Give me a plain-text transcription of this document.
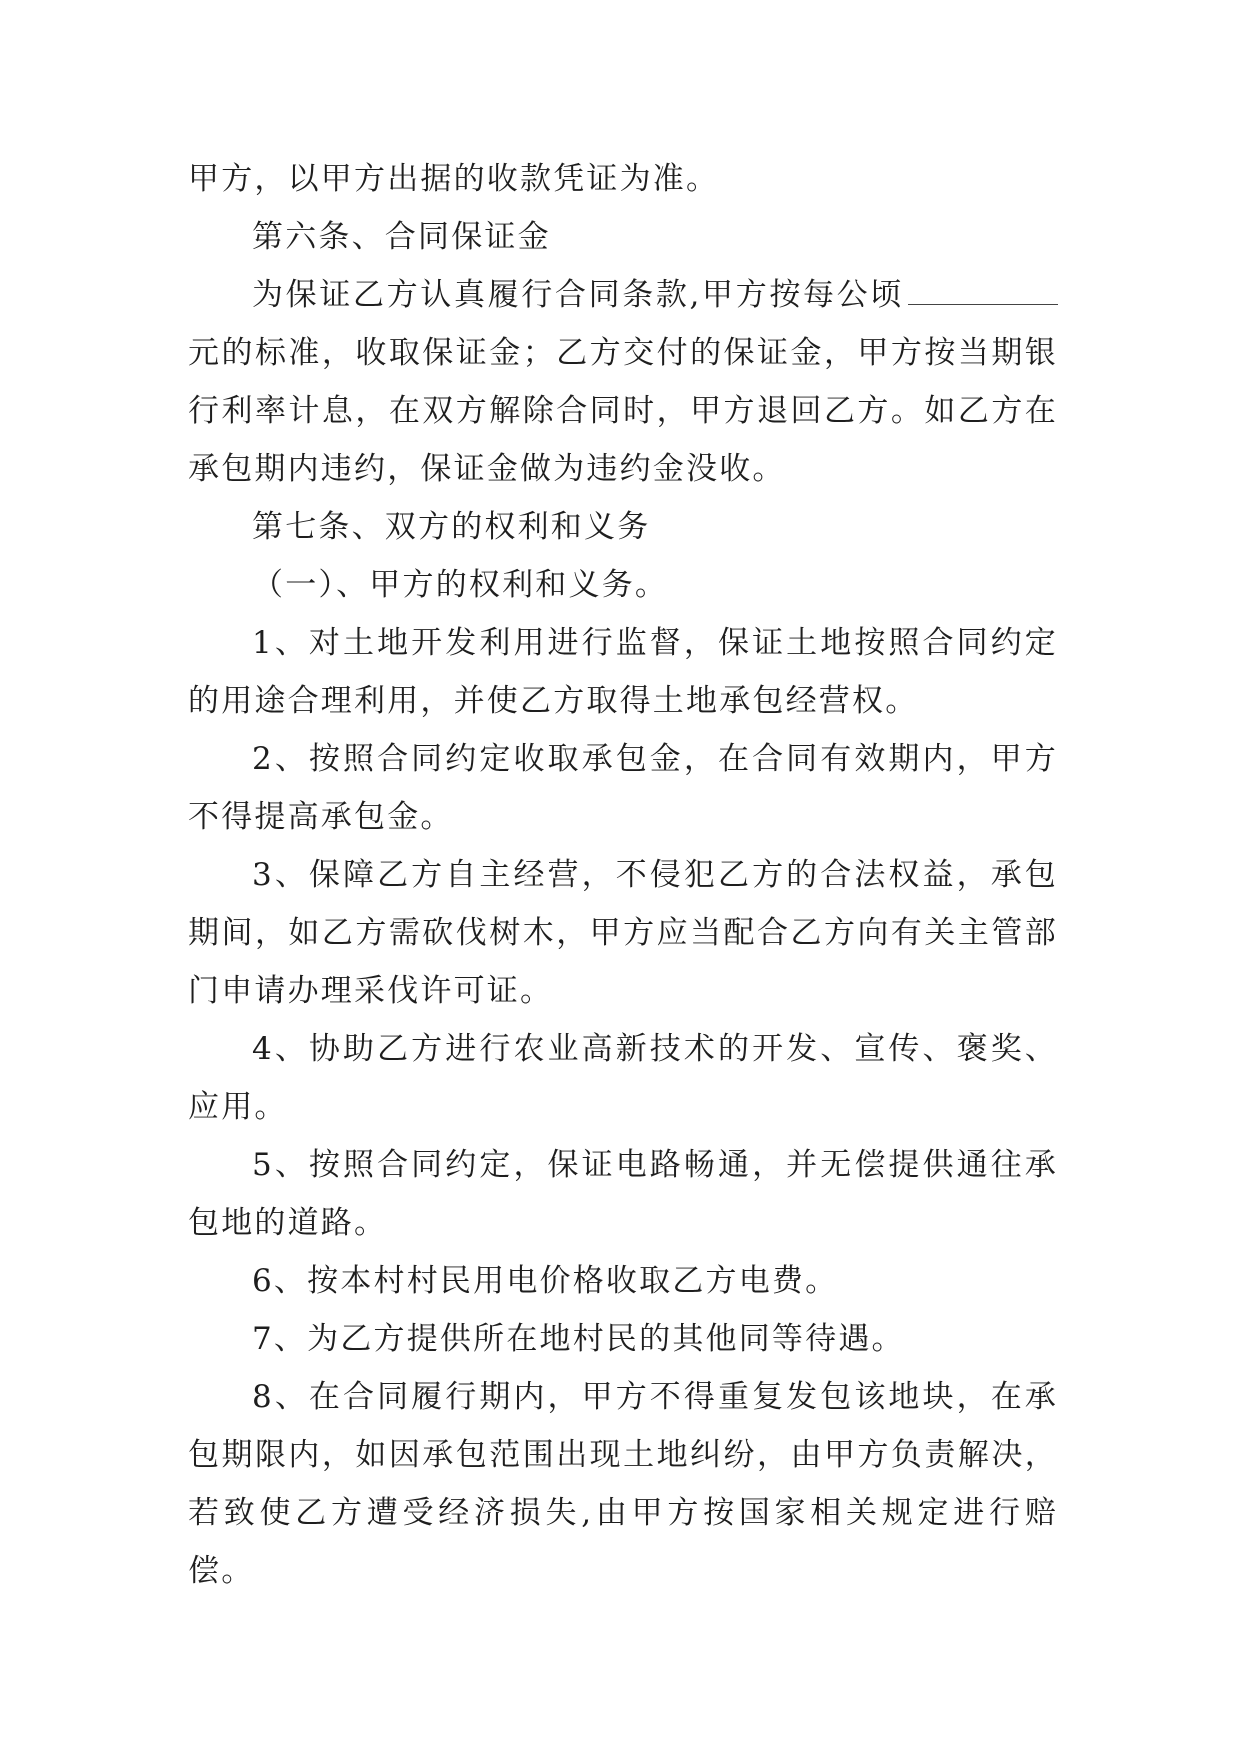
甲方，以甲方出据的收款凭证为准。

第六条、合同保证金

为保证乙方认真履行合同条款,甲方按每公顷元的标准，收取保证金；乙方交付的保证金，甲方按当期银行利率计息，在双方解除合同时，甲方退回乙方。如乙方在承包期内违约，保证金做为违约金没收。

第七条、双方的权利和义务

（一）、甲方的权利和义务。

1、对土地开发利用进行监督，保证土地按照合同约定的用途合理利用，并使乙方取得土地承包经营权。

2、按照合同约定收取承包金，在合同有效期内，甲方不得提高承包金。

3、保障乙方自主经营，不侵犯乙方的合法权益，承包期间，如乙方需砍伐树木，甲方应当配合乙方向有关主管部门申请办理采伐许可证。

4、协助乙方进行农业高新技术的开发、宣传、褒奖、应用。

5、按照合同约定，保证电路畅通，并无偿提供通往承包地的道路。

6、按本村村民用电价格收取乙方电费。

7、为乙方提供所在地村民的其他同等待遇。

8、在合同履行期内，甲方不得重复发包该地块，在承包期限内，如因承包范围出现土地纠纷，由甲方负责解决，若致使乙方遭受经济损失,由甲方按国家相关规定进行赔偿。
